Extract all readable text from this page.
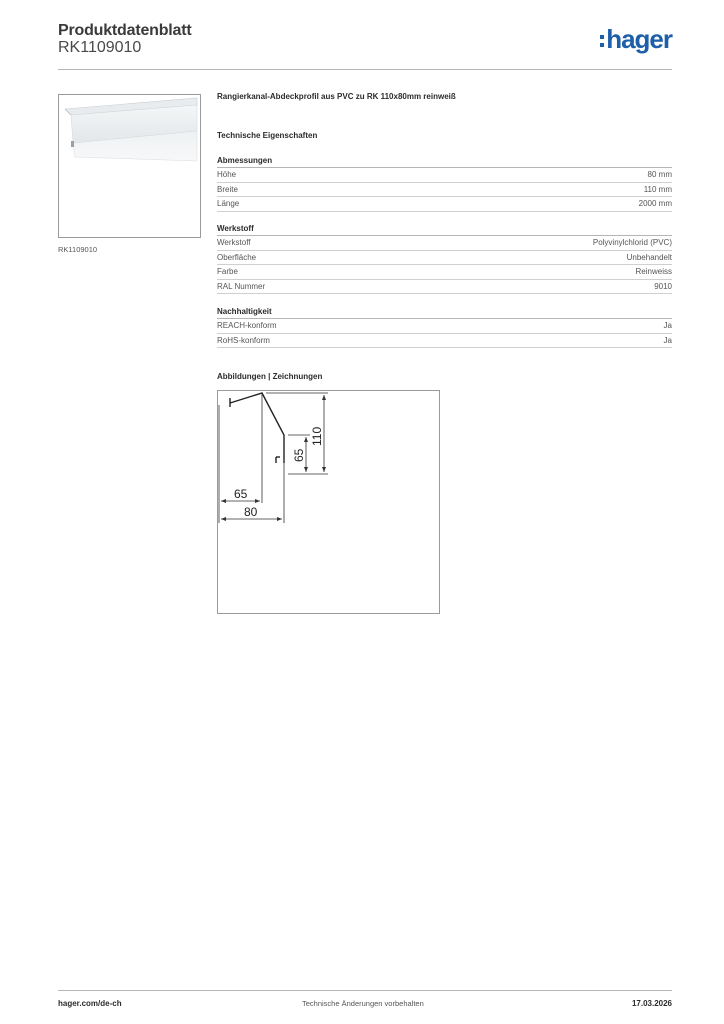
Produktdatenblatt
RK1109010	hager
RK1109010
Rangierkanal-Abdeckprofil aus PVC zu RK 110x80mm reinweiß
Technische Eigenschaften
Abmessungen
Höhe	80 mm
Breite	110 mm
Länge	2000 mm
Werkstoff
Werkstoff	Polyvinylchlorid (PVC)
Oberfläche	Unbehandelt
Farbe	Reinweiss
RAL Nummer	9010
Nachhaltigkeit
REACH-konform	Ja
RoHS-konform	Ja
Abbildungen | Zeichnungen
110
65
65
80
hager.com/de-ch	Technische Änderungen vorbehalten	17.03.2026
